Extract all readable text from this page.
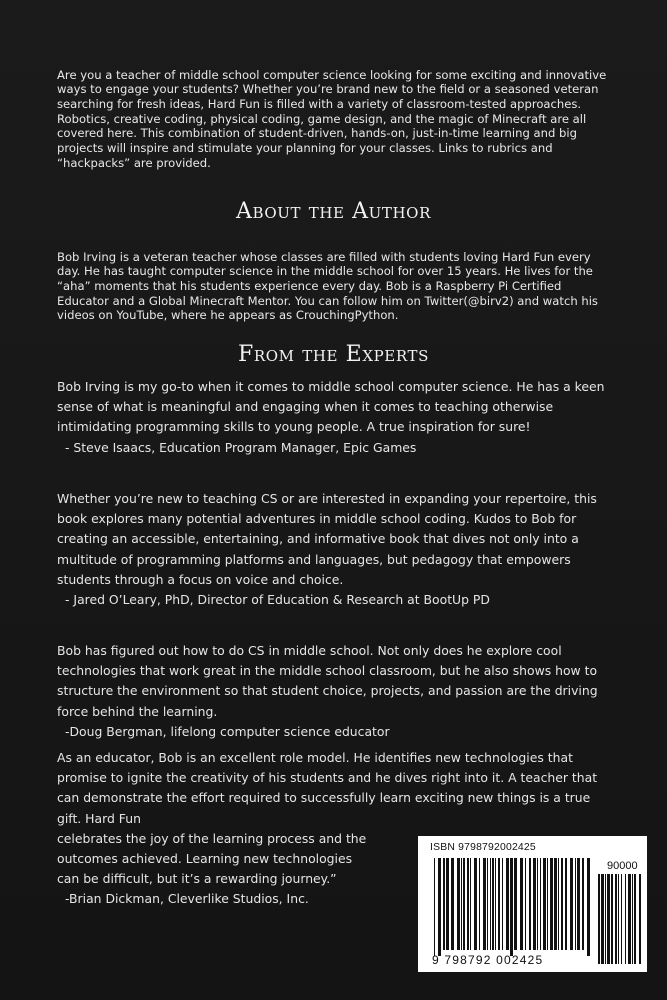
Are you a teacher of middle school computer science looking for some exciting and innovative ways to engage your students? Whether you’re brand new to the field or a seasoned veteran searching for fresh ideas, Hard Fun is filled with a variety of classroom-tested approaches. Robotics, creative coding, physical coding, game design, and the magic of Minecraft are all covered here. This combination of student-driven, hands-on, just-in-time learning and big projects will inspire and stimulate your planning for your classes. Links to rubrics and “hackpacks” are provided.

About the Author

Bob Irving is a veteran teacher whose classes are filled with students loving Hard Fun every day. He has taught computer science in the middle school for over 15 years. He lives for the “aha” moments that his students experience every day. Bob is a Raspberry Pi Certified Educator and a Global Minecraft Mentor. You can follow him on Twitter(@birv2) and watch his videos on YouTube, where he appears as CrouchingPython.

From the Experts
Bob Irving is my go-to when it comes to middle school computer science. He has a keen sense of what is meaningful and engaging when it comes to teaching otherwise intimidating programming skills to young people. A true inspiration for sure!
- Steve Isaacs, Education Program Manager, Epic Games
Whether you’re new to teaching CS or are interested in expanding your repertoire, this book explores many potential adventures in middle school coding. Kudos to Bob for creating an accessible, entertaining, and informative book that dives not only into a multitude of programming platforms and languages, but pedagogy that empowers students through a focus on voice and choice.
- Jared O’Leary, PhD, Director of Education & Research at BootUp PD
Bob has figured out how to do CS in middle school. Not only does he explore cool technologies that work great in the middle school classroom, but he also shows how to structure the environment so that student choice, projects, and passion are the driving force behind the learning.
-Doug Bergman, lifelong computer science educator
As an educator, Bob is an excellent role model. He identifies new technologies that promise to ignite the creativity of his students and he dives right into it. A teacher that can demonstrate the effort required to successfully learn exciting new things is a true gift. Hard Fun
celebrates the joy of the learning process and the outcomes achieved. Learning new technologies can be difficult, but it’s a rewarding journey.”
-Brian Dickman, Cleverlike Studios, Inc.
ISBN 9798792002425
90000
9 798792 002425
